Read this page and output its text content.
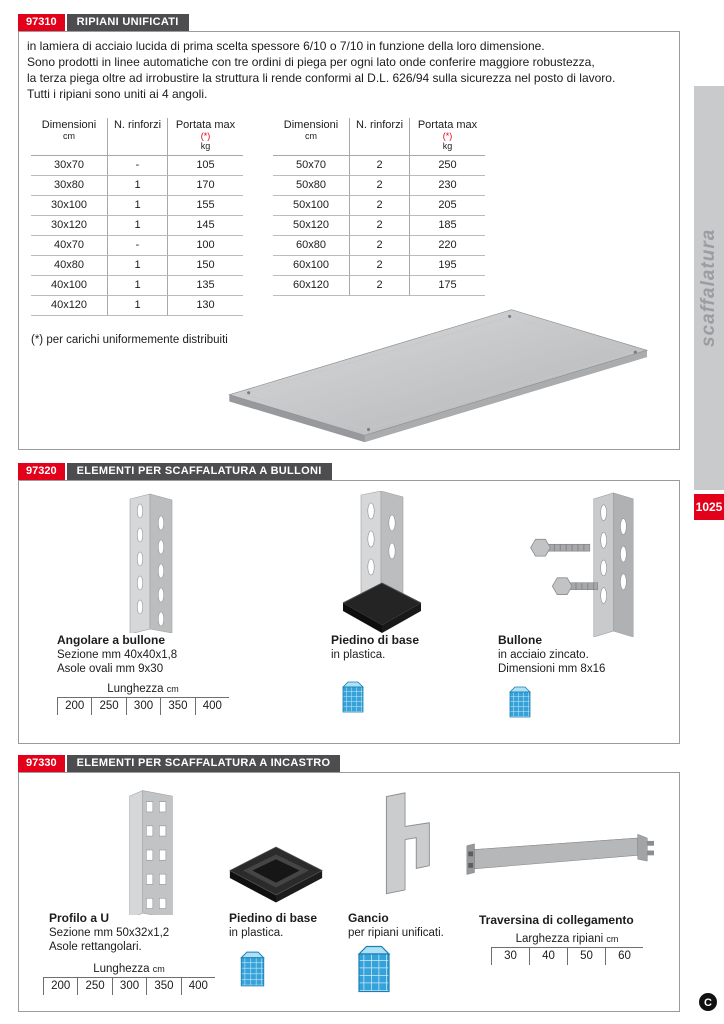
97310	RIPIANI UNIFICATI
in lamiera di acciaio lucida di prima scelta spessore 6/10 o 7/10 in funzione della loro dimensione.
Sono prodotti in linee automatiche con tre ordini di piega per ogni lato onde conferire maggiore robustezza,
la terza piega oltre ad irrobustire la struttura li rende conformi al D.L. 626/94 sulla sicurezza nel posto di lavoro.
Tutti i ripiani sono uniti ai 4 angoli.
Dimensioni
cm
N. rinforzi	Portata max
(*)
kg
30x70	-	105
30x80	1	170
30x100	1	155
30x120	1	145
40x70	-	100
40x80	1	150
40x100	1	135
40x120	1	130
Dimensioni
cm
N. rinforzi	Portata max
(*)
kg
50x70	2	250
50x80	2	230
50x100	2	205
50x120	2	185
60x80	2	220
60x100	2	195
60x120	2	175
(*) per carichi uniformemente distribuiti
97320	ELEMENTI PER SCAFFALATURA A BULLONI
Angolare a bullone
Sezione mm 40x40x1,8
Asole ovali mm 9x30
Lunghezza cm
200	250	300	350	400
Piedino di base
in plastica.
Bullone
in acciaio zincato.
Dimensioni mm 8x16
97330	ELEMENTI PER SCAFFALATURA A INCASTRO
Profilo a U
Sezione mm 50x32x1,2
Asole rettangolari.
Lunghezza cm
200	250	300	350	400
Piedino di base
in plastica.
Gancio
per ripiani unificati.
Traversina di collegamento
Larghezza ripiani cm
30	40	50	60
scaffalatura
1025
C
